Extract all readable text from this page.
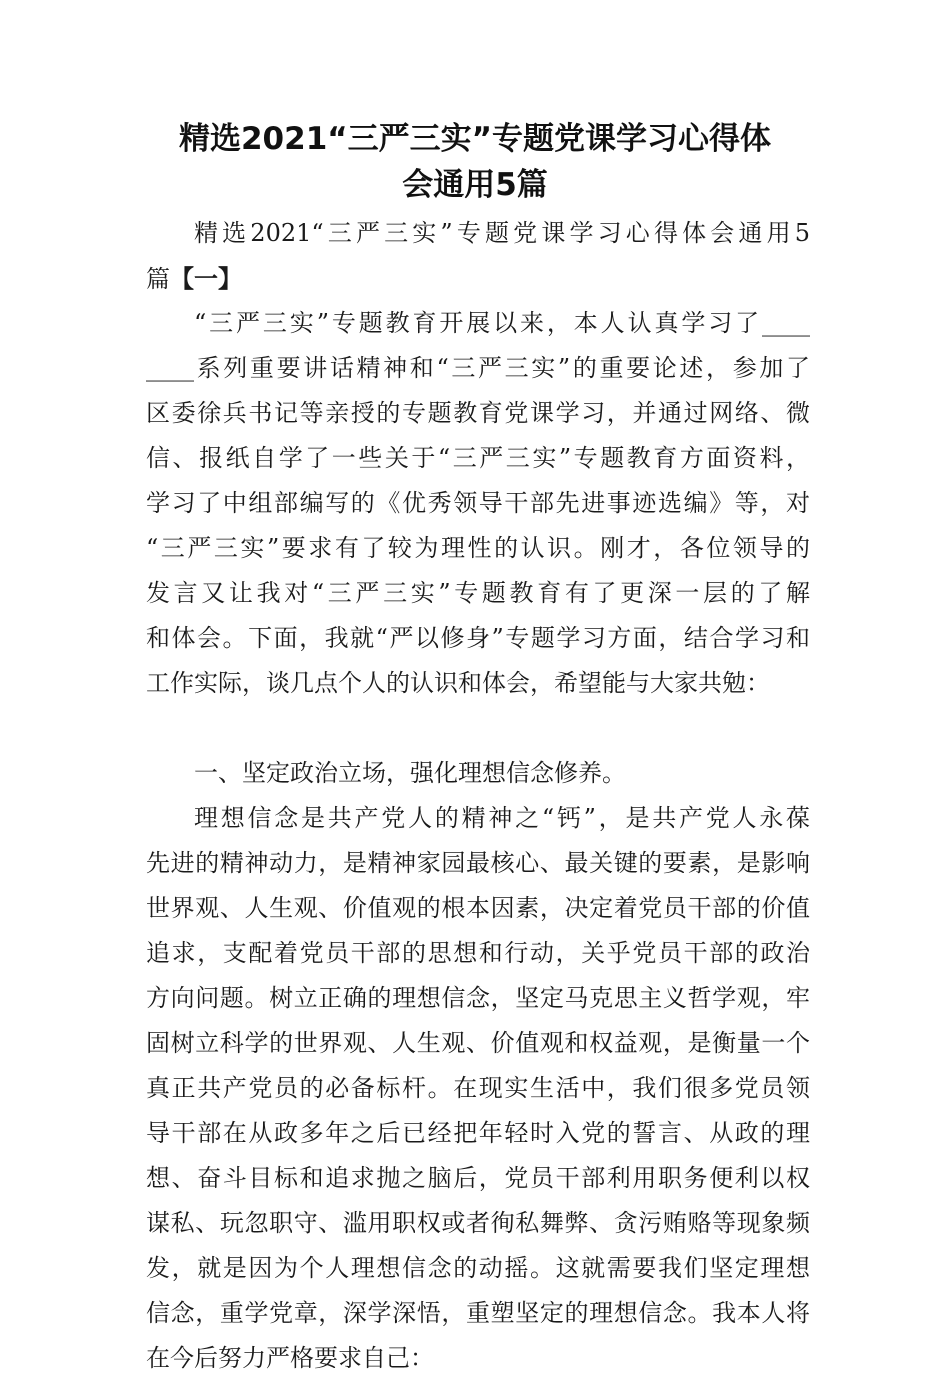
精选2021“三严三实”专题党课学习心得体
会通用5篇
精选2021“三严三实”专题党课学习心得体会通用5
篇【一】
“三严三实”专题教育开展以来，本人认真学习了____
____系列重要讲话精神和“三严三实”的重要论述，参加了
区委徐兵书记等亲授的专题教育党课学习，并通过网络、微
信、报纸自学了一些关于“三严三实”专题教育方面资料，
学习了中组部编写的《优秀领导干部先进事迹选编》等，对
“三严三实”要求有了较为理性的认识。刚才，各位领导的
发言又让我对“三严三实”专题教育有了更深一层的了解
和体会。下面，我就“严以修身”专题学习方面，结合学习和
工作实际，谈几点个人的认识和体会，希望能与大家共勉：
一、坚定政治立场，强化理想信念修养。
理想信念是共产党人的精神之“钙”，是共产党人永葆
先进的精神动力，是精神家园最核心、最关键的要素，是影响
世界观、人生观、价值观的根本因素，决定着党员干部的价值
追求，支配着党员干部的思想和行动，关乎党员干部的政治
方向问题。树立正确的理想信念，坚定马克思主义哲学观，牢
固树立科学的世界观、人生观、价值观和权益观，是衡量一个
真正共产党员的必备标杆。在现实生活中，我们很多党员领
导干部在从政多年之后已经把年轻时入党的誓言、从政的理
想、奋斗目标和追求抛之脑后，党员干部利用职务便利以权
谋私、玩忽职守、滥用职权或者徇私舞弊、贪污贿赂等现象频
发，就是因为个人理想信念的动摇。这就需要我们坚定理想
信念，重学党章，深学深悟，重塑坚定的理想信念。我本人将
在今后努力严格要求自己：
